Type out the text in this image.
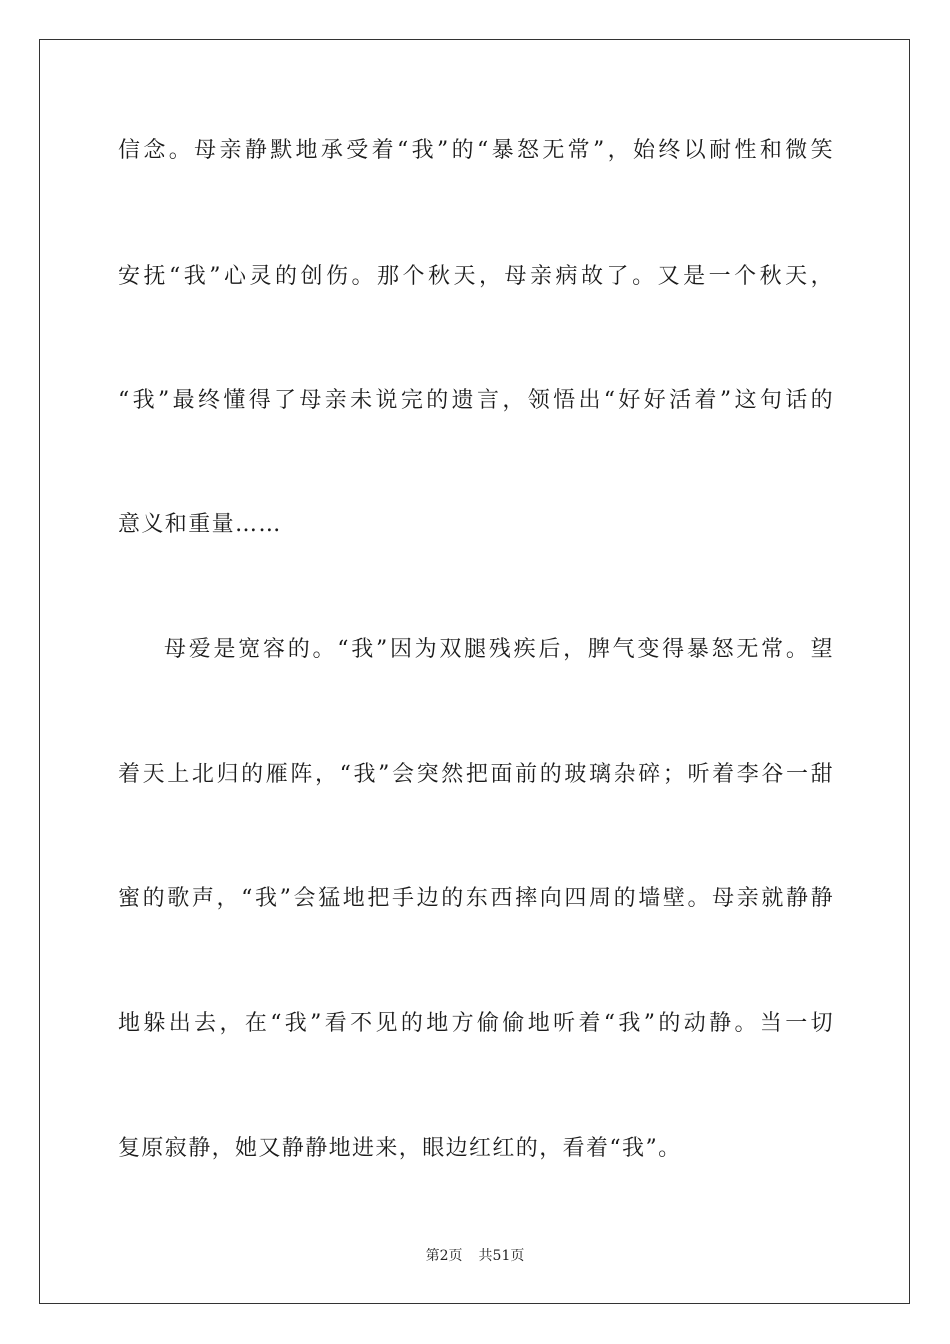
信念。母亲静默地承受着“我”的“暴怒无常”，始终以耐性和微笑
安抚“我”心灵的创伤。那个秋天，母亲病故了。又是一个秋天，
“我”最终懂得了母亲未说完的遗言，领悟出“好好活着”这句话的
意义和重量……
母爱是宽容的。“我”因为双腿残疾后，脾气变得暴怒无常。望
着天上北归的雁阵，“我”会突然把面前的玻璃杂碎；听着李谷一甜
蜜的歌声，“我”会猛地把手边的东西摔向四周的墙壁。母亲就静静
地躲出去，在“我”看不见的地方偷偷地听着“我”的动静。当一切
复原寂静，她又静静地进来，眼边红红的，看着“我”。
第2页 共51页
